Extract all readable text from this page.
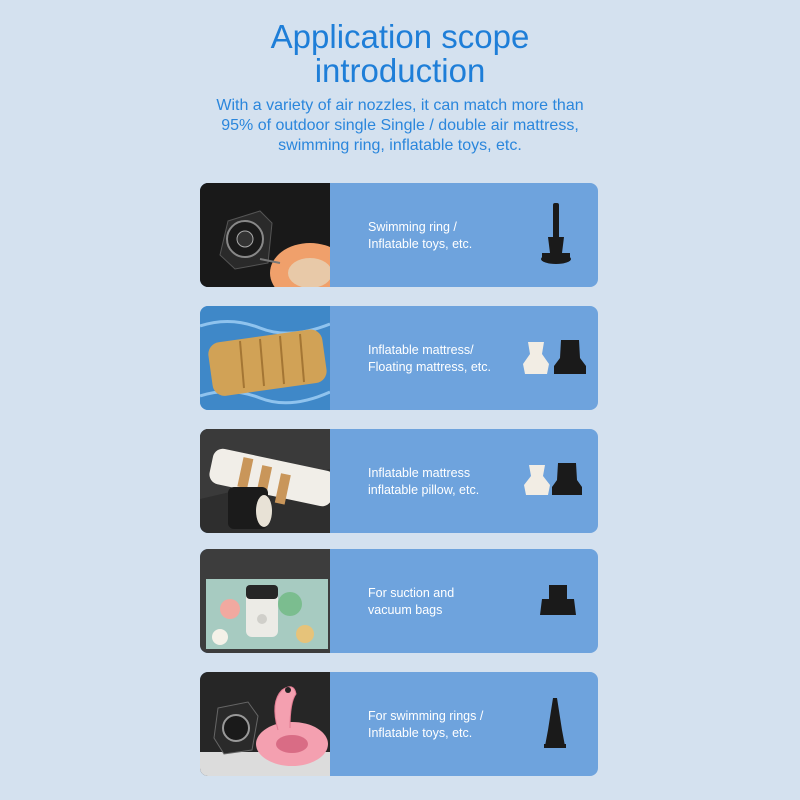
Application scope
introduction
With a variety of air nozzles, it can match more than 95% of outdoor single Single / double air mattress, swimming ring, inflatable toys, etc.
Swimming ring /
Inflatable toys, etc.
Inflatable mattress/
Floating mattress, etc.
Inflatable mattress
inflatable pillow, etc.
For suction and
vacuum bags
For swimming rings /
Inflatable toys, etc.
